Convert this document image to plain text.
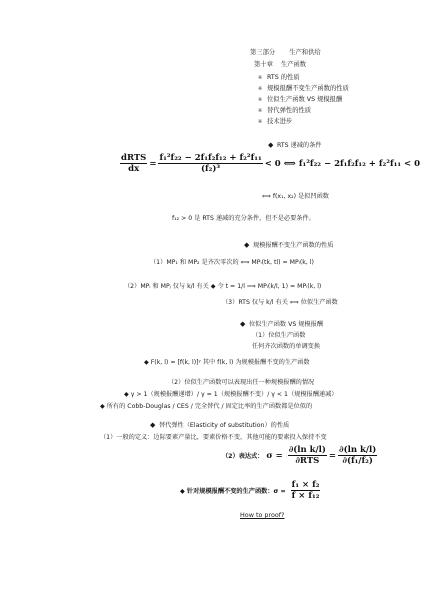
第三部分 生产和供给
第十章 生产函数
※ RTS 的性质
※ 规模报酬不变生产函数的性质
※ 位似生产函数 VS 规模报酬
※ 替代弹性的性质
※ 技术进步
◆ RTS 递减的条件
$\frac{\text{dRTS}}{dx} = \frac{\text{f₁²f₂₂ − 2f₁f₂f₁₂ + f₂²f₁₁}}{\text{(f₂)³}} < 0$ ⟺ f₁²f₂₂ − 2f₁f₂f₁₂ + f₂²f₁₁ < 0
⟺ f(x₁, x₂) 是拟凹函数
f₁₂ > 0 是 RTS 递减的充分条件，但不是必要条件。
◆ 规模报酬不变生产函数的性质
（1）MP₁ 和 MP₂ 是齐次零次的 ⟺ MPᵢ(tk, tl) = MPᵢ(k, l)
（2）MPᵢ 和 MPⱼ 仅与 k/l 有关 ◆ 令 t = 1/l ⟹ MPᵢ(k/l, 1) = MPᵢ(k, l)
（3）RTS 仅与 k/l 有关 ⟺ 位似生产函数
◆ 位似生产函数 VS 规模报酬
（1）位似生产函数
任何齐次函数的单调变换
◆ F(k, l) = [f(k, l)]ʸ 其中 f(k, l) 为规模报酬不变的生产函数
（2）位似生产函数可以表现出任一种规模报酬的情况
◆ γ > 1（规模报酬递增）/ γ = 1（规模报酬不变）/ γ < 1（规模报酬递减）
◆ 所有的 Cobb-Douglas / CES / 完全替代 / 固定比率的生产函数都是位似的
◆ 替代弹性（Elasticity of substitution）的性质
（1）一般的定义：边际要素产量比，要素价格不变，其他可能的要素投入保持不变
（2）表达式： $\sigma = \frac{\text{∂(ln k/l)}}{\text{∂RTS}} = \frac{\text{∂(ln k/l)}}{\text{∂(f₁/f₂)}}$
◆ 针对规模报酬不变的生产函数：$\sigma = \frac{\text{f₁ × f₂}}{\text{f × f₁₂}}$
How to proof?
